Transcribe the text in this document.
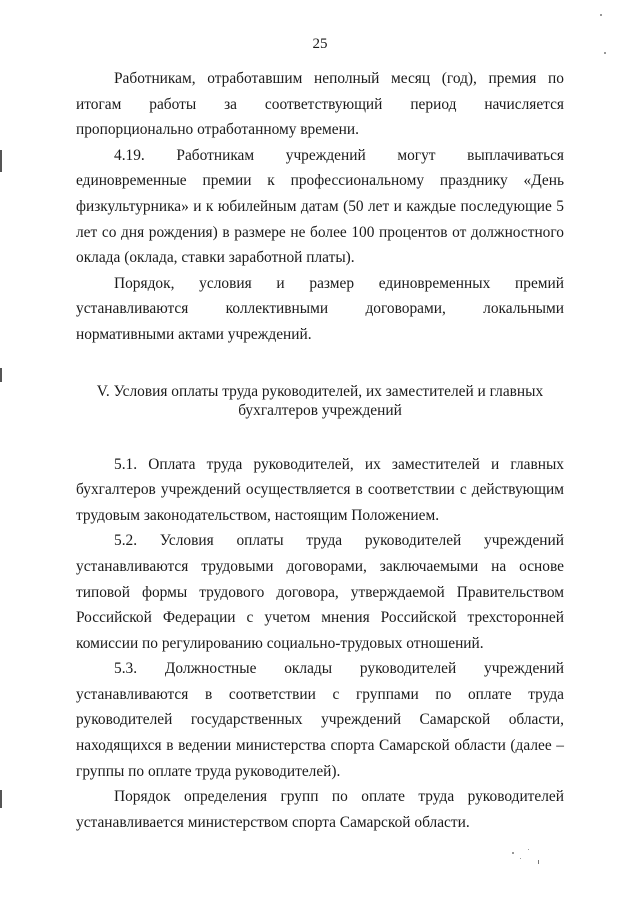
25

Работникам, отработавшим неполный месяц (год), премия по итогам работы за соответствующий период начисляется пропорционально отработанному времени.

4.19. Работникам учреждений могут выплачиваться единовременные премии к профессиональному празднику «День физкультурника» и к юбилейным датам (50 лет и каждые последующие 5 лет со дня рождения) в размере не более 100 процентов от должностного оклада (оклада, ставки заработной платы).

Порядок, условия и размер единовременных премий устанавливаются коллективными договорами, локальными нормативными актами учреждений.

V. Условия оплаты труда руководителей, их заместителей и главных
бухгалтеров учреждений

5.1. Оплата труда руководителей, их заместителей и главных бухгалтеров учреждений осуществляется в соответствии с действующим трудовым законодательством, настоящим Положением.

5.2. Условия оплаты труда руководителей учреждений устанавливаются трудовыми договорами, заключаемыми на основе типовой формы трудового договора, утверждаемой Правительством Российской Федерации с учетом мнения Российской трехсторонней комиссии по регулированию социально-трудовых отношений.

5.3. Должностные оклады руководителей учреждений устанавливаются в соответствии с группами по оплате труда руководителей государственных учреждений Самарской области, находящихся в ведении министерства спорта Самарской области (далее – группы по оплате труда руководителей).

Порядок определения групп по оплате труда руководителей устанавливается министерством спорта Самарской области.
